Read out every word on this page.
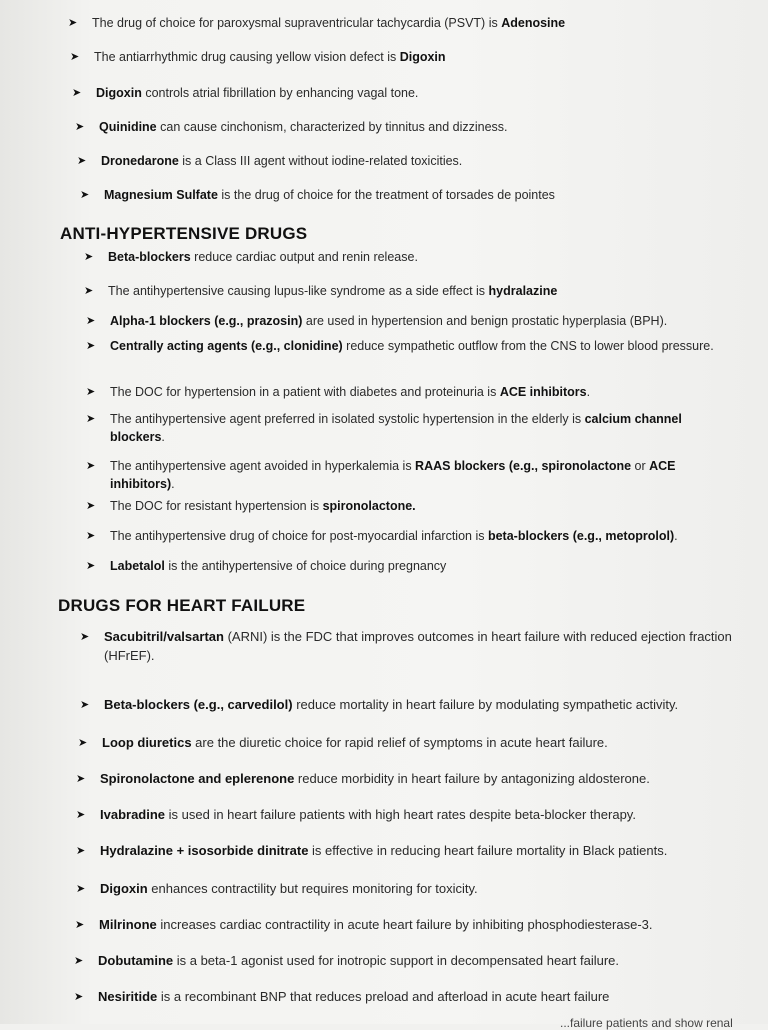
➤	The drug of choice for paroxysmal supraventricular tachycardia (PSVT) is Adenosine
➤	The antiarrhythmic drug causing yellow vision defect is Digoxin
➤	Digoxin controls atrial fibrillation by enhancing vagal tone.
➤	Quinidine can cause cinchonism, characterized by tinnitus and dizziness.
➤	Dronedarone is a Class III agent without iodine-related toxicities.
➤	Magnesium Sulfate is the drug of choice for the treatment of torsades de pointes
ANTI-HYPERTENSIVE DRUGS
➤	Beta-blockers reduce cardiac output and renin release.
➤	The antihypertensive causing lupus-like syndrome as a side effect is hydralazine
➤	Alpha-1 blockers (e.g., prazosin) are used in hypertension and benign prostatic hyperplasia (BPH).
➤	Centrally acting agents (e.g., clonidine) reduce sympathetic outflow from the CNS to lower blood pressure.
➤	The DOC for hypertension in a patient with diabetes and proteinuria is ACE inhibitors.
➤	The antihypertensive agent preferred in isolated systolic hypertension in the elderly is calcium channel blockers.
➤	The antihypertensive agent avoided in hyperkalemia is RAAS blockers (e.g., spironolactone or ACE inhibitors).
➤	The DOC for resistant hypertension is spironolactone.
➤	The antihypertensive drug of choice for post-myocardial infarction is beta-blockers (e.g., metoprolol).
➤	Labetalol is the antihypertensive of choice during pregnancy
DRUGS FOR HEART FAILURE
➤	Sacubitril/valsartan (ARNI) is the FDC that improves outcomes in heart failure with reduced ejection fraction (HFrEF).
➤	Beta-blockers (e.g., carvedilol) reduce mortality in heart failure by modulating sympathetic activity.
➤	Loop diuretics are the diuretic choice for rapid relief of symptoms in acute heart failure.
➤	Spironolactone and eplerenone reduce morbidity in heart failure by antagonizing aldosterone.
➤	Ivabradine is used in heart failure patients with high heart rates despite beta-blocker therapy.
➤	Hydralazine + isosorbide dinitrate is effective in reducing heart failure mortality in Black patients.
➤	Digoxin enhances contractility but requires monitoring for toxicity.
➤	Milrinone increases cardiac contractility in acute heart failure by inhibiting phosphodiesterase-3.
➤	Dobutamine is a beta-1 agonist used for inotropic support in decompensated heart failure.
➤	Nesiritide is a recombinant BNP that reduces preload and afterload in acute heart failure
...failure patients and show renal
